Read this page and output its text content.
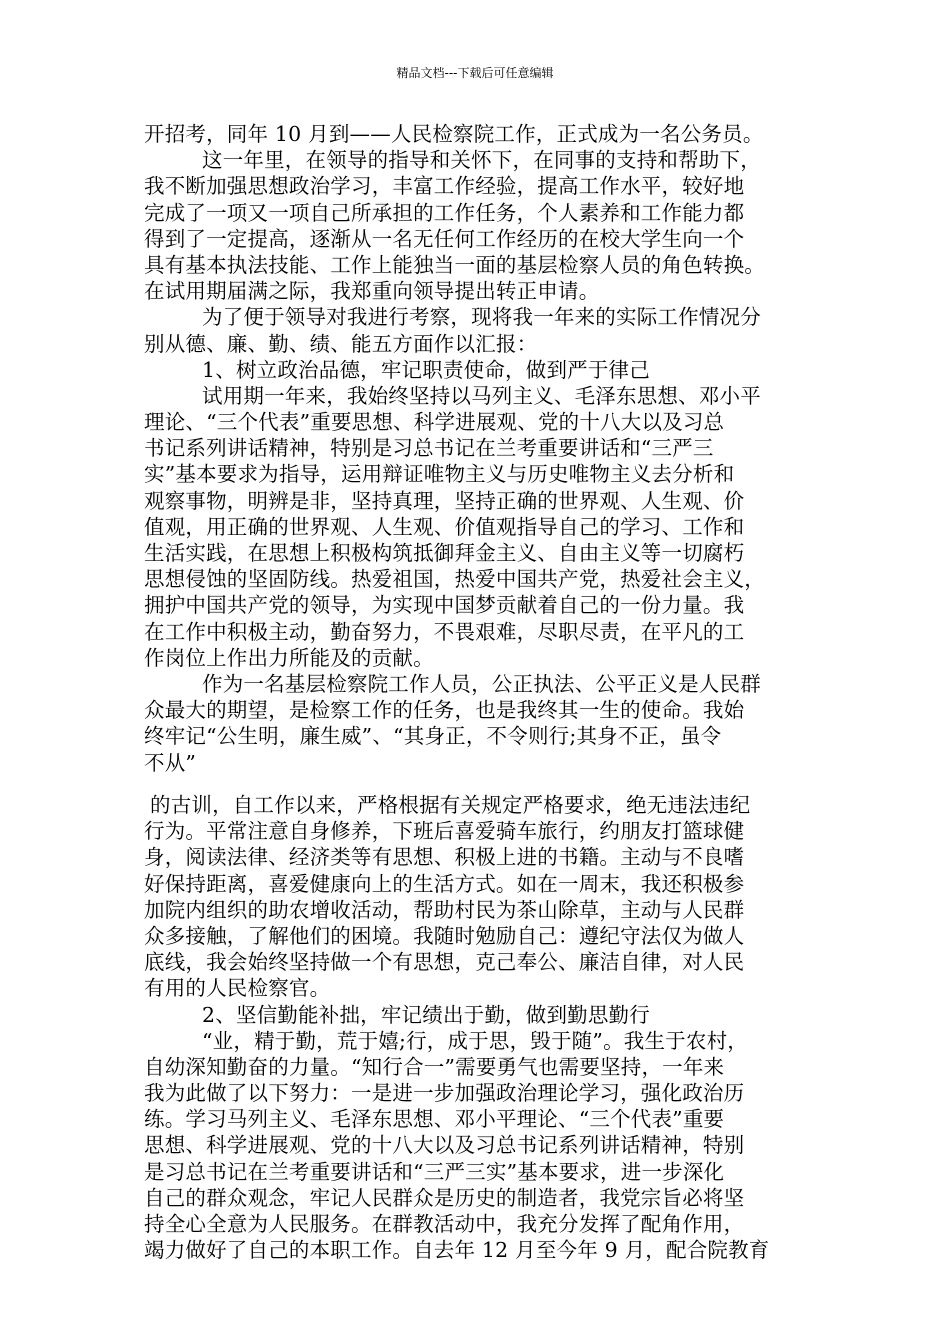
精品文档---下载后可任意编辑
开招考，同年 10 月到——人民检察院工作，正式成为一名公务员。
这一年里，在领导的指导和关怀下，在同事的支持和帮助下，
我不断加强思想政治学习，丰富工作经验，提高工作水平，较好地
完成了一项又一项自己所承担的工作任务，个人素养和工作能力都
得到了一定提高，逐渐从一名无任何工作经历的在校大学生向一个
具有基本执法技能、工作上能独当一面的基层检察人员的角色转换。
在试用期届满之际，我郑重向领导提出转正申请。
为了便于领导对我进行考察，现将我一年来的实际工作情况分
别从德、廉、勤、绩、能五方面作以汇报：
1、树立政治品德，牢记职责使命，做到严于律己
试用期一年来，我始终坚持以马列主义、毛泽东思想、邓小平
理论、“三个代表”重要思想、科学进展观、党的十八大以及习总
书记系列讲话精神，特别是习总书记在兰考重要讲话和“三严三
实”基本要求为指导，运用辩证唯物主义与历史唯物主义去分析和
观察事物，明辨是非，坚持真理，坚持正确的世界观、人生观、价
值观，用正确的世界观、人生观、价值观指导自己的学习、工作和
生活实践，在思想上积极构筑抵御拜金主义、自由主义等一切腐朽
思想侵蚀的坚固防线。热爱祖国，热爱中国共产党，热爱社会主义，
拥护中国共产党的领导，为实现中国梦贡献着自己的一份力量。我
在工作中积极主动，勤奋努力，不畏艰难，尽职尽责，在平凡的工
作岗位上作出力所能及的贡献。
作为一名基层检察院工作人员，公正执法、公平正义是人民群
众最大的期望，是检察工作的任务，也是我终其一生的使命。我始
终牢记“公生明，廉生威”、“其身正，不令则行;其身不正，虽令
不从”
的古训，自工作以来，严格根据有关规定严格要求，绝无违法违纪
行为。平常注意自身修养，下班后喜爱骑车旅行，约朋友打篮球健
身，阅读法律、经济类等有思想、积极上进的书籍。主动与不良嗜
好保持距离，喜爱健康向上的生活方式。如在一周末，我还积极参
加院内组织的助农增收活动，帮助村民为茶山除草，主动与人民群
众多接触，了解他们的困境。我随时勉励自己：遵纪守法仅为做人
底线，我会始终坚持做一个有思想，克己奉公、廉洁自律，对人民
有用的人民检察官。
2、坚信勤能补拙，牢记绩出于勤，做到勤思勤行
“业，精于勤，荒于嬉;行，成于思，毁于随”。我生于农村，
自幼深知勤奋的力量。“知行合一”需要勇气也需要坚持，一年来
我为此做了以下努力：一是进一步加强政治理论学习，强化政治历
练。学习马列主义、毛泽东思想、邓小平理论、“三个代表”重要
思想、科学进展观、党的十八大以及习总书记系列讲话精神，特别
是习总书记在兰考重要讲话和“三严三实”基本要求，进一步深化
自己的群众观念，牢记人民群众是历史的制造者，我党宗旨必将坚
持全心全意为人民服务。在群教活动中，我充分发挥了配角作用，
竭力做好了自己的本职工作。自去年 12 月至今年 9 月，配合院教育
